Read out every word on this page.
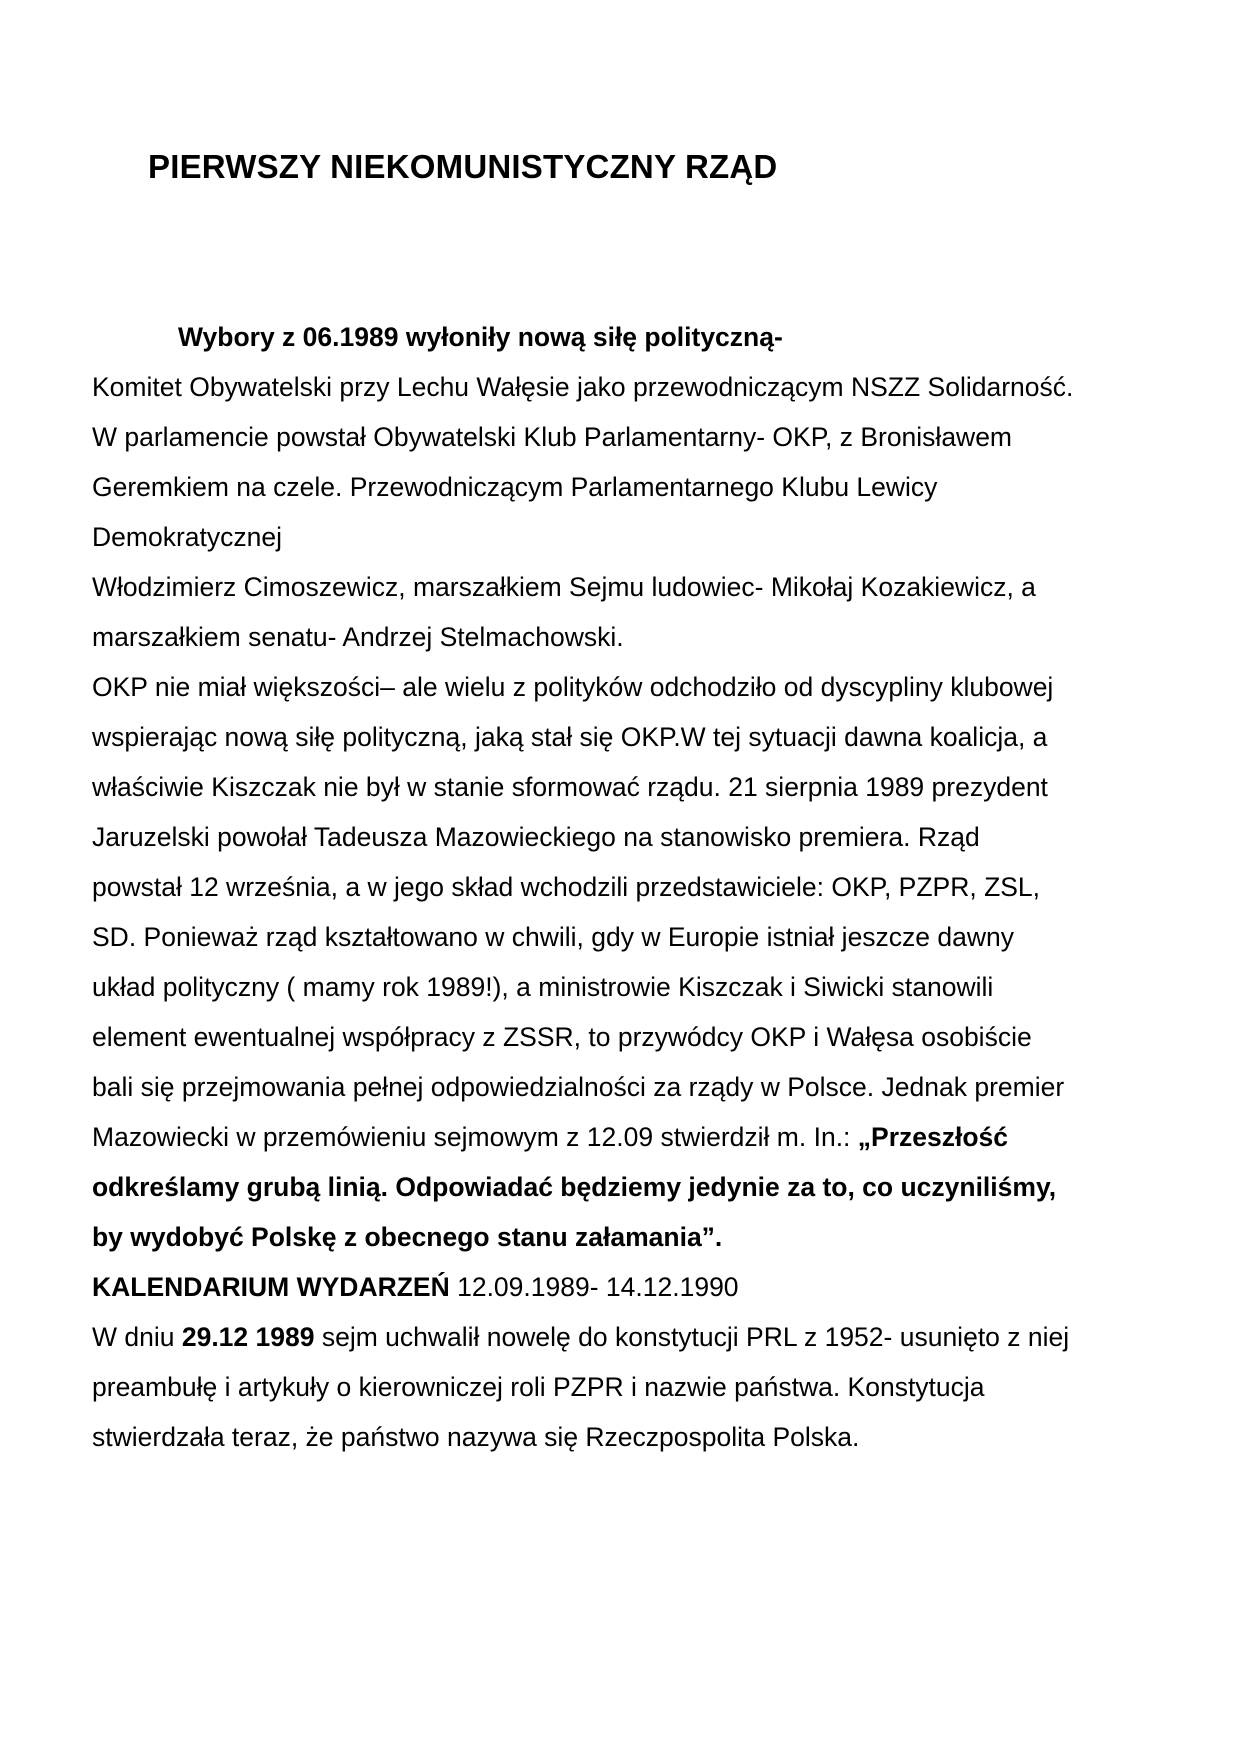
PIERWSZY NIEKOMUNISTYCZNY RZĄD
Wybory z 06.1989 wyłoniły nową siłę polityczną-
Komitet Obywatelski przy Lechu Wałęsie jako przewodniczącym NSZZ Solidarność.
W parlamencie powstał Obywatelski Klub Parlamentarny- OKP, z Bronisławem
Geremkiem na czele. Przewodniczącym Parlamentarnego Klubu Lewicy
Demokratycznej
Włodzimierz Cimoszewicz, marszałkiem Sejmu ludowiec- Mikołaj Kozakiewicz, a
marszałkiem senatu- Andrzej Stelmachowski.
OKP nie miał większości– ale wielu z polityków odchodziło od dyscypliny klubowej
wspierając nową siłę polityczną, jaką stał się OKP.W tej sytuacji dawna koalicja, a
właściwie Kiszczak nie był w stanie sformować rządu. 21 sierpnia 1989 prezydent
Jaruzelski powołał Tadeusza Mazowieckiego na stanowisko premiera. Rząd
powstał 12 września, a w jego skład wchodzili przedstawiciele: OKP, PZPR, ZSL,
SD. Ponieważ rząd kształtowano w chwili, gdy w Europie istniał jeszcze dawny
układ polityczny ( mamy rok 1989!), a ministrowie Kiszczak i Siwicki stanowili
element ewentualnej współpracy z ZSSR, to przywódcy OKP i Wałęsa osobiście
bali się przejmowania pełnej odpowiedzialności za rządy w Polsce. Jednak premier
Mazowiecki w przemówieniu sejmowym z 12.09 stwierdził m. In.: „Przeszłość
odkreślamy grubą linią. Odpowiadać będziemy jedynie za to, co uczyniliśmy,
by wydobyć Polskę z obecnego stanu załamania”.
KALENDARIUM WYDARZEŃ 12.09.1989- 14.12.1990
W dniu 29.12 1989 sejm uchwalił nowelę do konstytucji PRL z 1952- usunięto z niej
preambułę i artykuły o kierowniczej roli PZPR i nazwie państwa. Konstytucja
stwierdzała teraz, że państwo nazywa się Rzeczpospolita Polska.
